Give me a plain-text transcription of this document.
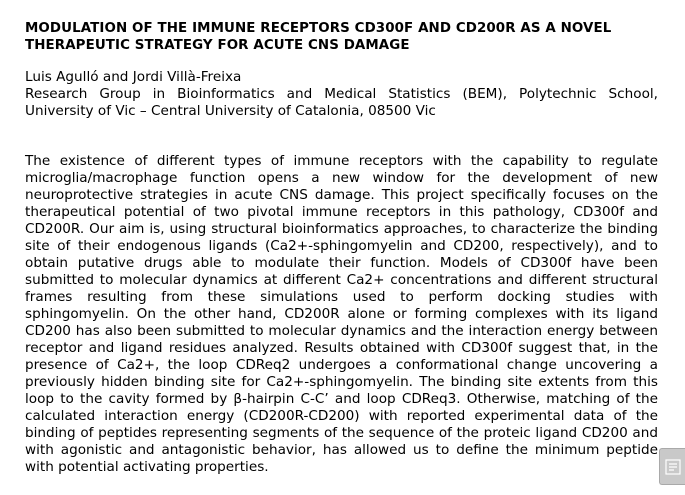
MODULATION OF THE IMMUNE RECEPTORS CD300F AND CD200R AS A NOVEL THERAPEUTIC STRATEGY FOR ACUTE CNS DAMAGE
Luis Agulló and Jordi Villà-Freixa
Research Group in Bioinformatics and Medical Statistics (BEM), Polytechnic School, University of Vic – Central University of Catalonia, 08500 Vic

The existence of different types of immune receptors with the capability to regulate microglia/macrophage function opens a new window for the development of new neuroprotective strategies in acute CNS damage. This project specifically focuses on the therapeutical potential of two pivotal immune receptors in this pathology, CD300f and CD200R. Our aim is, using structural bioinformatics approaches, to characterize the binding site of their endogenous ligands (Ca2+-sphingomyelin and CD200, respectively), and to obtain putative drugs able to modulate their function. Models of CD300f have been submitted to molecular dynamics at different Ca2+ concentrations and different structural frames resulting from these simulations used to perform docking studies with sphingomyelin. On the other hand, CD200R alone or forming complexes with its ligand CD200 has also been submitted to molecular dynamics and the interaction energy between receptor and ligand residues analyzed. Results obtained with CD300f suggest that, in the presence of Ca2+, the loop CDReq2 undergoes a conformational change uncovering a previously hidden binding site for Ca2+-sphingomyelin. The binding site extents from this loop to the cavity formed by β-hairpin C-C’ and loop CDReq3. Otherwise, matching of the calculated interaction energy (CD200R-CD200) with reported experimental data of the binding of peptides representing segments of the sequence of the proteic ligand CD200 and with agonistic and antagonistic behavior, has allowed us to define the minimum peptide with potential activating properties.
